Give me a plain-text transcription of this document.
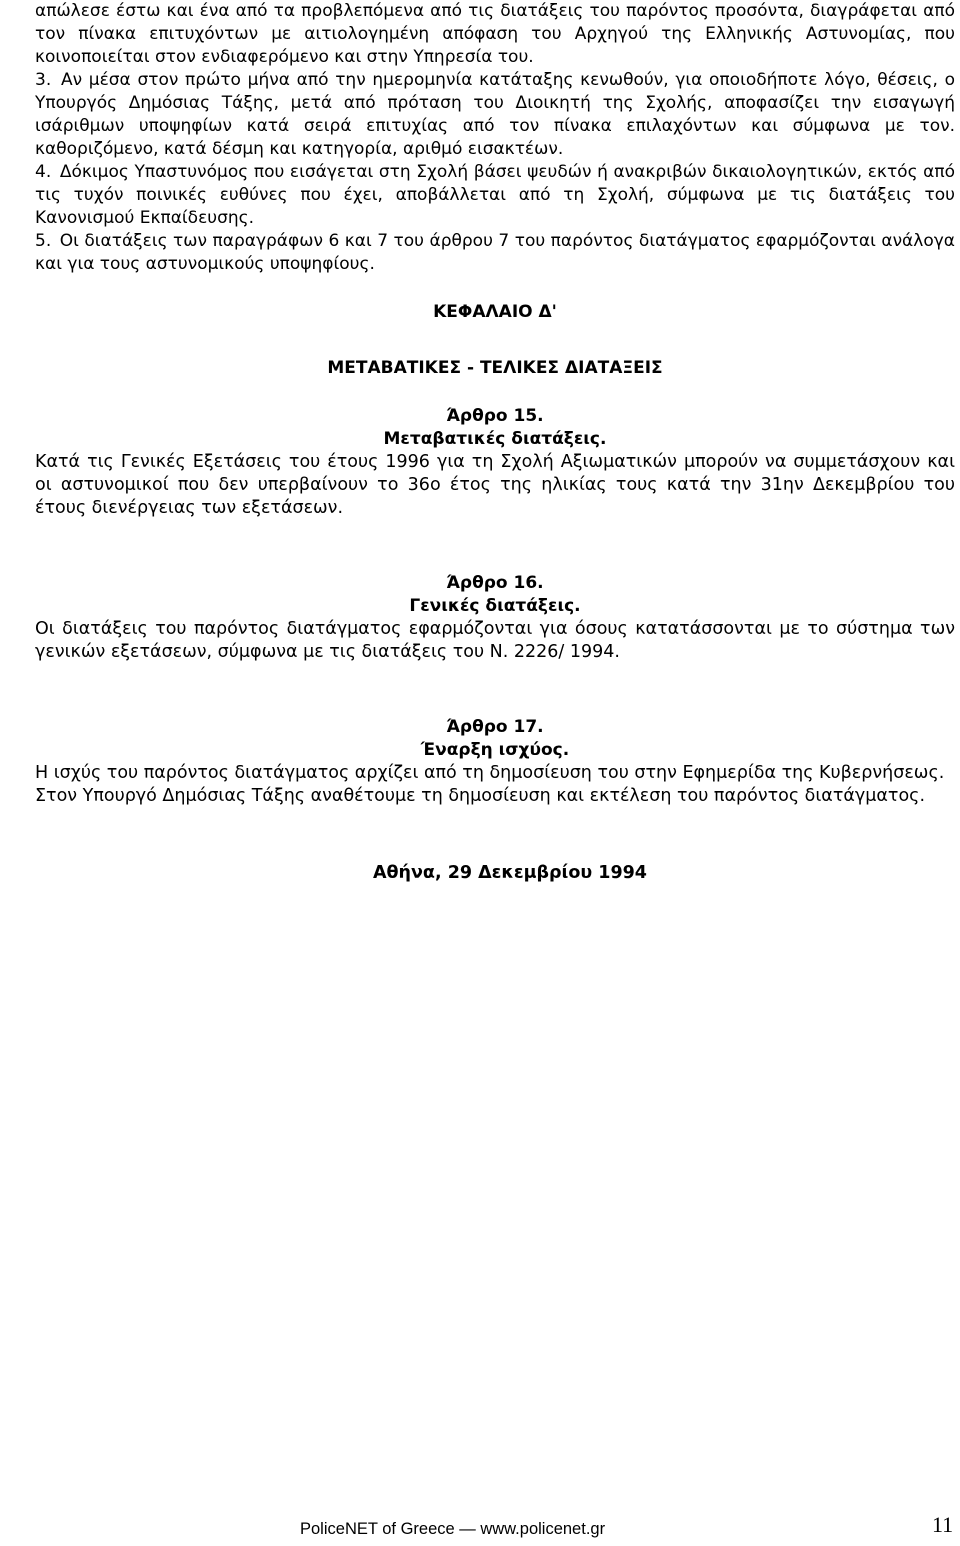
απώλεσε έστω και ένα από τα προβλεπόμενα από τις διατάξεις του παρόντος προσόντα, διαγράφεται από τον πίνακα επιτυχόντων με αιτιολογημένη απόφαση του Αρχηγού της Ελληνικής Αστυνομίας, που κοινοποιείται στον ενδιαφερόμενο και στην Υπηρεσία του.

3. Αν μέσα στον πρώτο μήνα από την ημερομηνία κατάταξης κενωθούν, για οποιοδήποτε λόγο, θέσεις, ο Υπουργός Δημόσιας Τάξης, μετά από πρόταση του Διοικητή της Σχολής, αποφασίζει την εισαγωγή ισάριθμων υποψηφίων κατά σειρά επιτυχίας από τον πίνακα επιλαχόντων και σύμφωνα με τον. καθοριζόμενο, κατά δέσμη και κατηγορία, αριθμό εισακτέων.

4. Δόκιμος Υπαστυνόμος που εισάγεται στη Σχολή βάσει ψευδών ή ανακριβών δικαιολογητικών, εκτός από τις τυχόν ποινικές ευθύνες που έχει, αποβάλλεται από τη Σχολή, σύμφωνα με τις διατάξεις του Κανονισμού Εκπαίδευσης.

5. Οι διατάξεις των παραγράφων 6 και 7 του άρθρου 7 του παρόντος διατάγματος εφαρμόζονται ανάλογα και για τους αστυνομικούς υποψηφίους.

ΚΕΦΑΛΑΙΟ Δ'

ΜΕΤΑΒΑΤΙΚΕΣ - ΤΕΛΙΚΕΣ ΔΙΑΤΑΞΕΙΣ

Άρθρο 15.

Μεταβατικές διατάξεις.

Κατά τις Γενικές Εξετάσεις του έτους 1996 για τη Σχολή Αξιωματικών μπορούν να συμμετάσχουν και οι αστυνομικοί που δεν υπερβαίνουν το 36ο έτος της ηλικίας τους κατά την 31ην Δεκεμβρίου του έτους διενέργειας των εξετάσεων.

Άρθρο 16.

Γενικές διατάξεις.

Οι διατάξεις του παρόντος διατάγματος εφαρμόζονται για όσους κατατάσσονται με το σύστημα των γενικών εξετάσεων, σύμφωνα με τις διατάξεις του Ν. 2226/ 1994.

Άρθρο 17.

Έναρξη ισχύος.

Η ισχύς του παρόντος διατάγματος αρχίζει από τη δημοσίευση του στην Εφημερίδα της Κυβερνήσεως.

Στον Υπουργό Δημόσιας Τάξης αναθέτουμε τη δημοσίευση και εκτέλεση του παρόντος διατάγματος.

Αθήνα, 29 Δεκεμβρίου 1994

PoliceNET of Greece — www.policenet.gr	11
